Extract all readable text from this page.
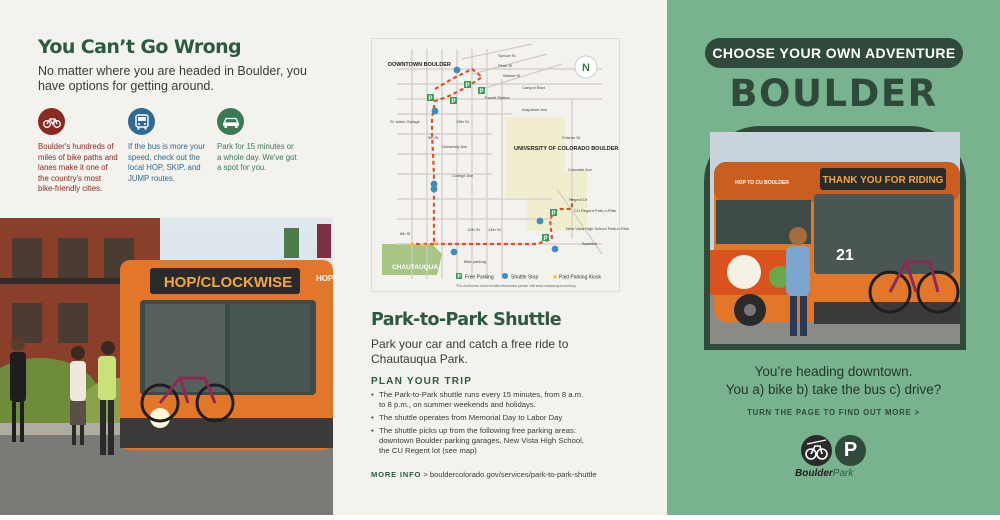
You Can’t Go Wrong
No matter where you are headed in Boulder, you have options for getting around.
Boulder's hundreds of miles of bike paths and lanes make it one of the country's most bike-friendly cities.
If the bus is more your speed, check out the local HOP, SKIP, and JUMP routes.
Park for 15 minutes or a whole day. We've got a spot for you.
HOP/CLOCKWISE	HOP
P
P
P
P
P
P
★ ★ ★
N
DOWNTOWN BOULDER
UNIVERSITY OF COLORADO BOULDER
CHAUTAUQUA
Spruce St
Pearl St
Walnut St
Transit Station
Canyon Blvd
Arapahoe Ave
St Julien Garage
University Ave
College Ave
Colorado Ave
Baseline
Regent Dr
Folsom St
CU Regent Park-n-Ride
New Vista High School Park-n-Ride
Bike parking
6th St
9th St
12th St 14th St
15th St
P Free Parking	Shuttle Stop ★ Paid Parking Kiosk
*For Auditorium event shuttle information please visit www.chautauqua.com/hop
Park-to-Park Shuttle
Park your car and catch a free ride to Chautauqua Park.
PLAN YOUR TRIP
• The Park-to-Park shuttle runs every 15 minutes, from 8 a.m. to 8 p.m., on summer weekends and holidays.
• The shuttle operates from Memorial Day to Labor Day
• The shuttle picks up from the following free parking areas: downtown Boulder parking garages, New Vista High School, the CU Regent lot (see map)
MORE INFO > bouldercolorado.gov/services/park-to-park-shuttle
CHOOSE YOUR OWN ADVENTURE
BOULDER
THANK YOU FOR RIDING
HOP TO CU BOULDER
21
You’re heading downtown.
You a) bike b) take the bus c) drive?
TURN THE PAGE TO FIND OUT MORE >
P
BoulderPark
